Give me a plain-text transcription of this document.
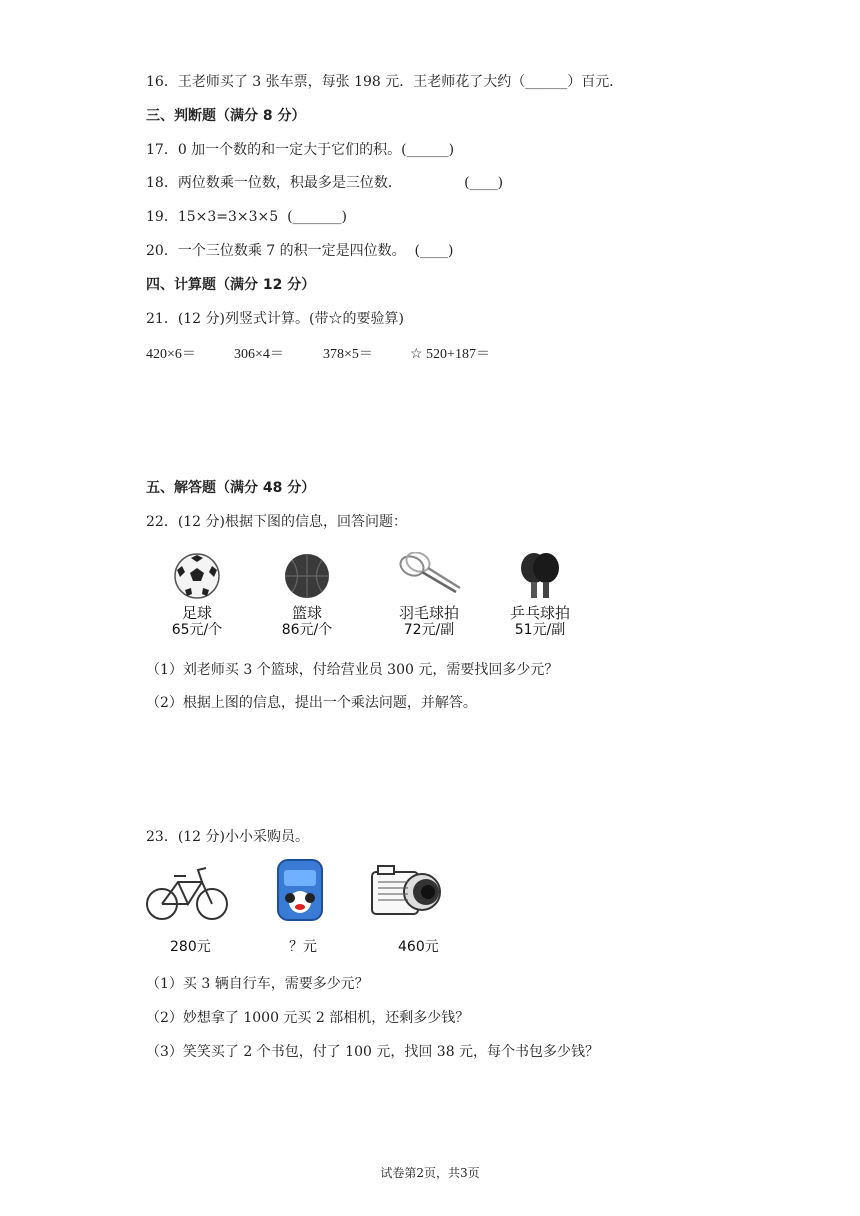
16．王老师买了 3 张车票，每张 198 元．王老师花了大约（______）百元．
三、判断题（满分 8 分）
17．0 加一个数的和一定大于它们的积。(______)
18．两位数乘一位数，积最多是三位数．              (____)
19．15×3=3×3×5  (_______)
20．一个三位数乘 7 的积一定是四位数。  (____)
四、计算题（满分 12 分）
21．(12 分)列竖式计算。(带☆的要验算)
420×6＝	306×4＝	378×5＝	☆ 520+187＝
五、解答题（满分 48 分）
22．(12 分)根据下图的信息，回答问题：
足球
65元/个
篮球
86元/个
羽毛球拍
72元/副
乒乓球拍
51元/副
（1）刘老师买 3 个篮球，付给营业员 300 元，需要找回多少元？
（2）根据上图的信息，提出一个乘法问题，并解答。
23．(12 分)小小采购员。
280元	？元	460元
（1）买 3 辆自行车，需要多少元？
（2）妙想拿了 1000 元买 2 部相机，还剩多少钱？
（3）笑笑买了 2 个书包，付了 100 元，找回 38 元，每个书包多少钱？
试卷第2页，共3页
